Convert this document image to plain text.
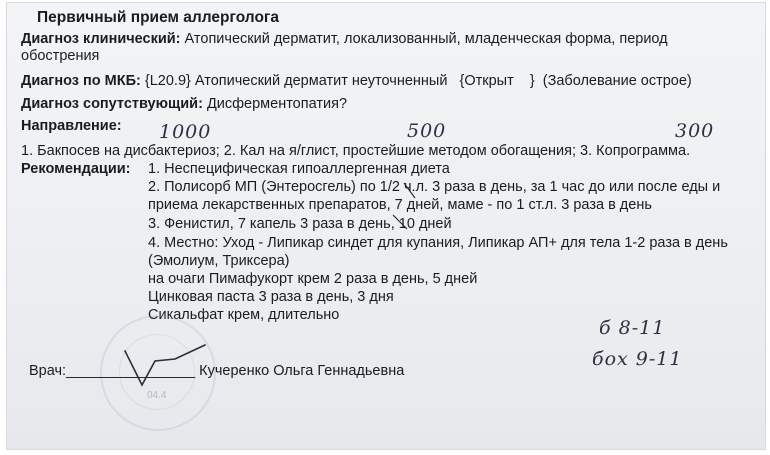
Первичный прием аллерголога
Диагноз клинический: Атопический дерматит, локализованный, младенческая форма, период
обострения
Диагноз по МКБ: {L20.9} Атопический дерматит неуточненный   {Открыт    }  (Заболевание острое)
Диагноз сопутствующий: Дисферментопатия?
Направление: 1000	500	300
1. Бакпосев на дисбактериоз; 2. Кал на я/глист, простейшие методом обогащения; 3. Копрограмма.
Рекомендации: 1. Неспецифическая гипоаллергенная диета
2. Полисорб МП (Энтеросгель) по 1/2 ч.л. 3 раза в день, за 1 час до или после еды и
приема лекарственных препаратов, 7 дней, маме - по 1 ст.л. 3 раза в день
3. Фенистил, 7 капель 3 раза в день, 10 дней
4. Местно: Уход - Липикар синдет для купания, Липикар АП+ для тела 1-2 раза в день
(Эмолиум, Триксера)
на очаги Пимафукорт крем 2 раза в день, 5 дней
Цинковая паста 3 раза в день, 3 дня
Сикальфат крем, длительно
б 8-11
бох 9-11
04.4
Врач:________________ Кучеренко Ольга Геннадьевна
